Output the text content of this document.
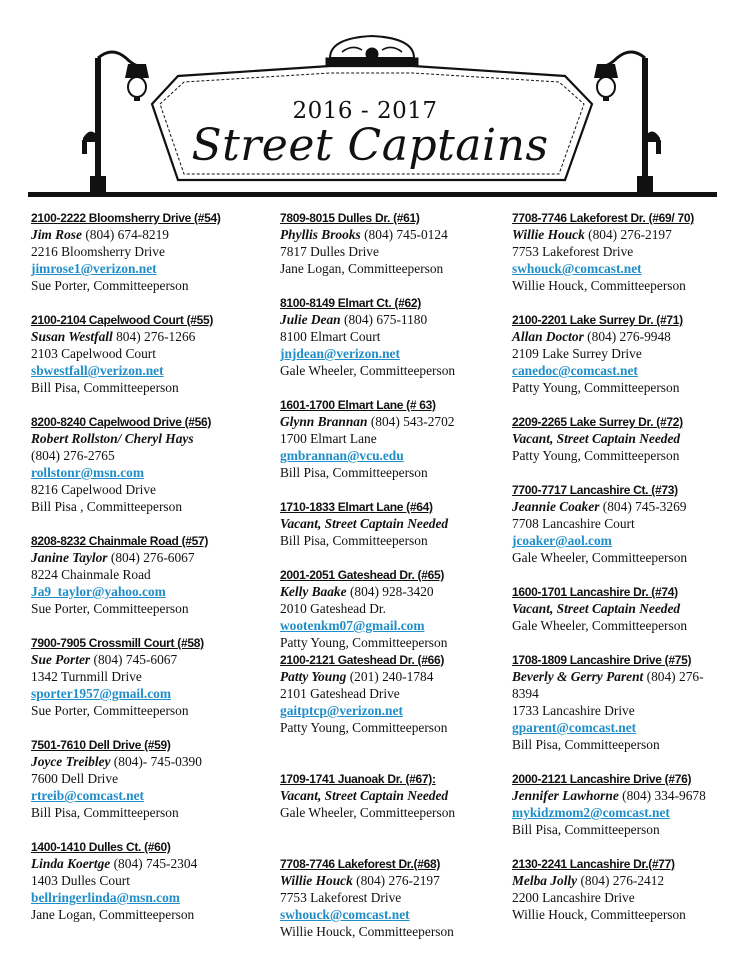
2016 - 2017
Street Captains
2100-2222 Bloomsherry Drive (#54)
Jim Rose (804) 674-8219
2216 Bloomsherry Drive
jimrose1@verizon.net
Sue Porter, Committeeperson
2100-2104 Capelwood Court (#55)
Susan Westfall 804) 276-1266
2103 Capelwood Court
sbwestfall@verizon.net
Bill Pisa, Committeeperson
8200-8240 Capelwood Drive (#56)
Robert Rollston/ Cheryl Hays
(804) 276-2765
rollstonr@msn.com
8216 Capelwood Drive
Bill Pisa , Committeeperson
8208-8232 Chainmale Road (#57)
Janine Taylor (804) 276-6067
8224 Chainmale Road
Ja9_taylor@yahoo.com
Sue Porter, Committeeperson
7900-7905 Crossmill Court (#58)
Sue Porter (804) 745-6067
1342 Turnmill Drive
sporter1957@gmail.com
Sue Porter, Committeeperson
7501-7610 Dell Drive (#59)
Joyce Treibley (804)- 745-0390
7600 Dell Drive
rtreib@comcast.net
Bill Pisa, Committeeperson
1400-1410 Dulles Ct. (#60)
Linda Koertge (804) 745-2304
1403 Dulles Court
bellringerlinda@msn.com
Jane Logan, Committeeperson
7809-8015 Dulles Dr. (#61)
Phyllis Brooks (804) 745-0124
7817 Dulles Drive
Jane Logan, Committeeperson
8100-8149 Elmart Ct. (#62)
Julie Dean (804) 675-1180
8100 Elmart Court
jnjdean@verizon.net
Gale Wheeler, Committeeperson
1601-1700 Elmart Lane (# 63)
Glynn Brannan (804) 543-2702
1700 Elmart Lane
gmbrannan@vcu.edu
Bill Pisa, Committeeperson
1710-1833 Elmart Lane (#64)
Vacant, Street Captain Needed
Bill Pisa, Committeeperson
2001-2051 Gateshead Dr. (#65)
Kelly Baake (804) 928-3420
2010 Gateshead Dr.
wootenkm07@gmail.com
Patty Young, Committeeperson
2100-2121 Gateshead Dr. (#66)
Patty Young (201) 240-1784
2101 Gateshead Drive
gaitptcp@verizon.net
Patty Young, Committeeperson
1709-1741 Juanoak Dr. (#67):
Vacant, Street Captain Needed
Gale Wheeler, Committeeperson
7708-7746 Lakeforest Dr.(#68)
Willie Houck (804) 276-2197
7753 Lakeforest Drive
swhouck@comcast.net
Willie Houck, Committeeperson
7708-7746 Lakeforest Dr. (#69/ 70)
Willie Houck (804) 276-2197
7753 Lakeforest Drive
swhouck@comcast.net
Willie Houck, Committeeperson
2100-2201 Lake Surrey Dr. (#71)
Allan Doctor (804) 276-9948
2109 Lake Surrey Drive
canedoc@comcast.net
Patty Young, Committeeperson
2209-2265 Lake Surrey Dr. (#72)
Vacant, Street Captain Needed
Patty Young, Committeeperson
7700-7717 Lancashire Ct. (#73)
Jeannie Coaker (804) 745-3269
7708 Lancashire Court
jcoaker@aol.com
Gale Wheeler, Committeeperson
1600-1701 Lancashire Dr. (#74)
Vacant, Street Captain Needed
Gale Wheeler, Committeeperson
1708-1809 Lancashire Drive (#75)
Beverly & Gerry Parent (804) 276-
8394
1733 Lancashire Drive
gparent@comcast.net
Bill Pisa, Committeeperson
2000-2121 Lancashire Drive (#76)
Jennifer Lawhorne (804) 334-9678
mykidzmom2@comcast.net
Bill Pisa, Committeeperson
2130-2241 Lancashire Dr.(#77)
Melba Jolly (804) 276-2412
2200 Lancashire Drive
Willie Houck, Committeeperson
